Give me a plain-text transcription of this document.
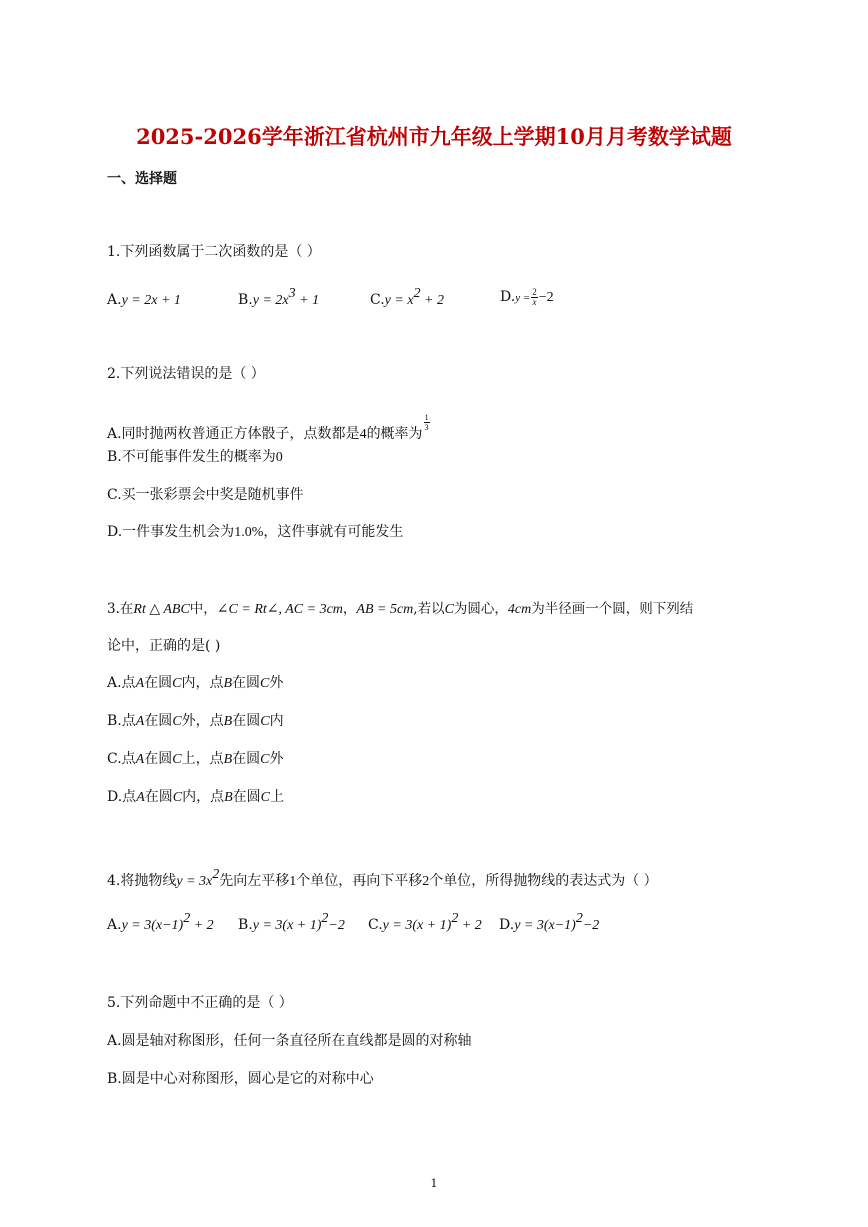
2025-2026学年浙江省杭州市九年级上学期10月月考数学试题
一、选择题
1.下列函数属于二次函数的是（ ）
A.y = 2x + 1	$B.y = 2x^3 + 1$	$C.y = x^2 + 2$	$D.y = \frac{2}{x} -2$
2.下列说法错误的是（ ）
A.同时抛两枚普通正方体骰子，点数都是4的概率为
$\frac{1}{3}$
B.不可能事件发生的概率为0
C.买一张彩票会中奖是随机事件
D.一件事发生机会为1.0%，这件事就有可能发生
3.在Rt △ ABC中，∠C = Rt∠, AC = 3cm，AB = 5cm,若以C为圆心，4cm为半径画一个圆，则下列结
论中，正确的是( )
A.点A在圆C内，点B在圆C外
B.点A在圆C外，点B在圆C内
C.点A在圆C上，点B在圆C外
D.点A在圆C内，点B在圆C上
4.将抛物线$y = 3x^2$先向左平移1个单位，再向下平移2个单位，所得抛物线的表达式为（ ）
$A.y = 3(x-1)^2 + 2$ $B.y = 3(x + 1)^2-2$ $C.y = 3(x + 1)^2 + 2$ $D.y = 3(x-1)^2-2$
5.下列命题中不正确的是（ ）
A.圆是轴对称图形，任何一条直径所在直线都是圆的对称轴
B.圆是中心对称图形，圆心是它的对称中心
1
